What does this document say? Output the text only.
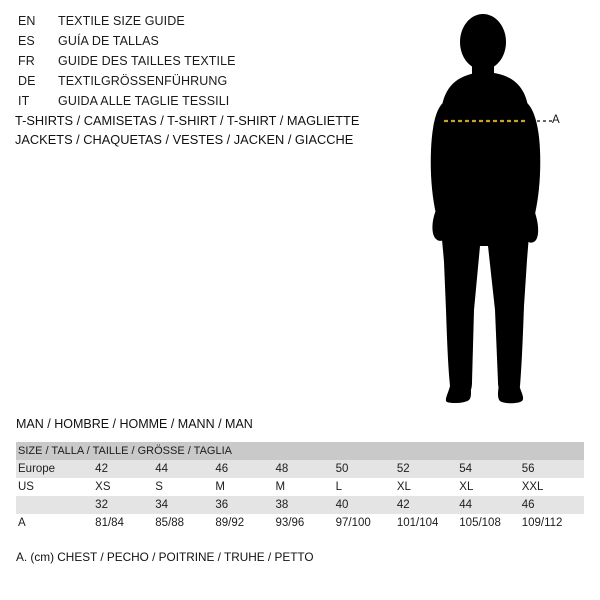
EN	TEXTILE SIZE GUIDE
ES	GUÍA DE TALLAS
FR	GUIDE DES TAILLES TEXTILE
DE	TEXTILGRÖSSENFÜHRUNG
IT	GUIDA ALLE TAGLIE TESSILI
T-SHIRTS / CAMISETAS / T-SHIRT / T-SHIRT / MAGLIETTE
JACKETS / CHAQUETAS / VESTES / JACKEN / GIACCHE
A
MAN / HOMBRE / HOMME / MANN / MAN
SIZE / TALLA / TAILLE / GRÖSSE / TAGLIA								
Europe	42	44	46	48	50	52	54	56
US	XS	S	M	M	L	XL	XL	XXL
	32	34	36	38	40	42	44	46
A	81/84	85/88	89/92	93/96	97/100	101/104	105/108	109/112
A. (cm) CHEST / PECHO / POITRINE / TRUHE / PETTO
